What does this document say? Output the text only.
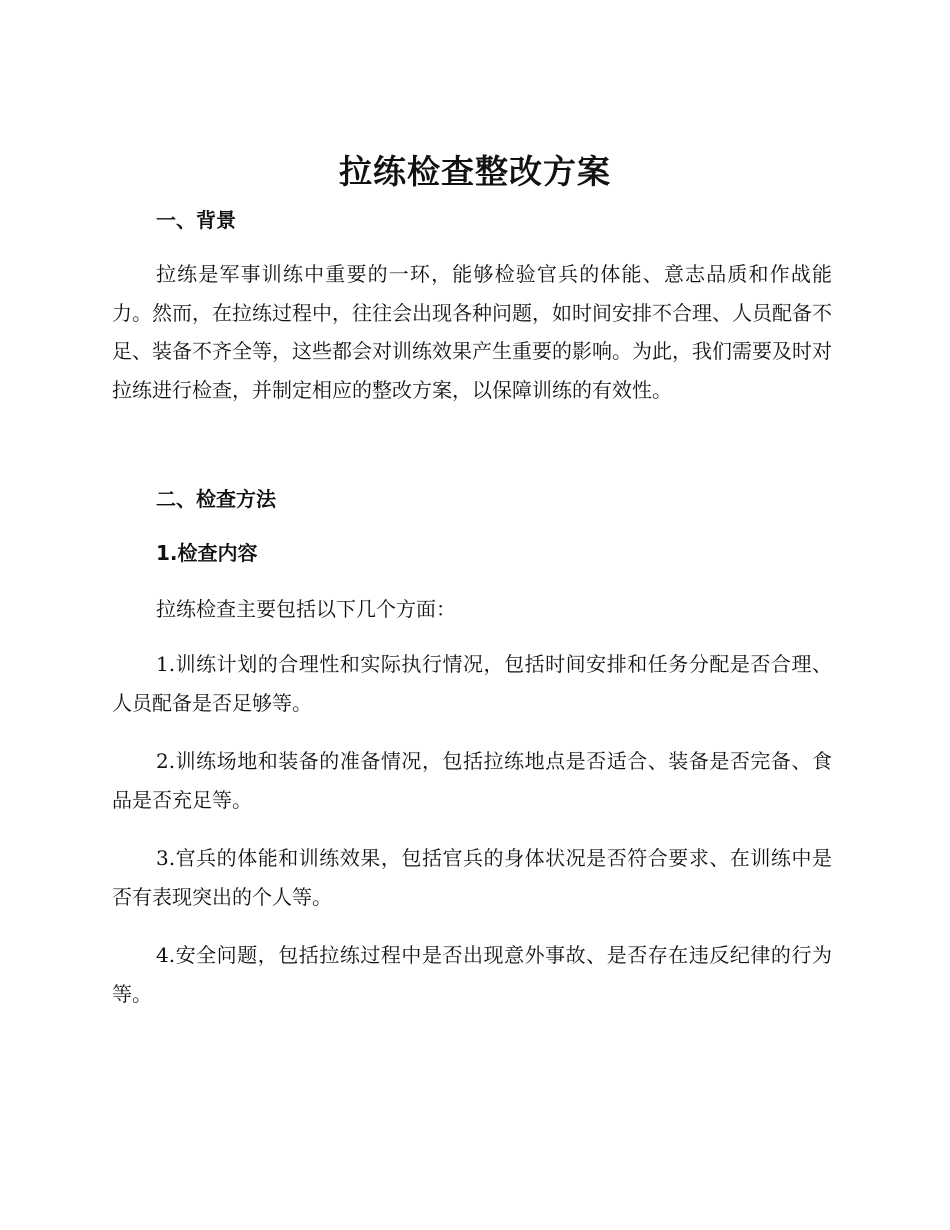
拉练检查整改方案
一、背景

拉练是军事训练中重要的一环，能够检验官兵的体能、意志品质和作战能力。然而，在拉练过程中，往往会出现各种问题，如时间安排不合理、人员配备不足、装备不齐全等，这些都会对训练效果产生重要的影响。为此，我们需要及时对拉练进行检查，并制定相应的整改方案，以保障训练的有效性。

二、检查方法
1.检查内容

拉练检查主要包括以下几个方面：

1.训练计划的合理性和实际执行情况，包括时间安排和任务分配是否合理、人员配备是否足够等。

2.训练场地和装备的准备情况，包括拉练地点是否适合、装备是否完备、食品是否充足等。

3.官兵的体能和训练效果，包括官兵的身体状况是否符合要求、在训练中是否有表现突出的个人等。

4.安全问题，包括拉练过程中是否出现意外事故、是否存在违反纪律的行为等。
